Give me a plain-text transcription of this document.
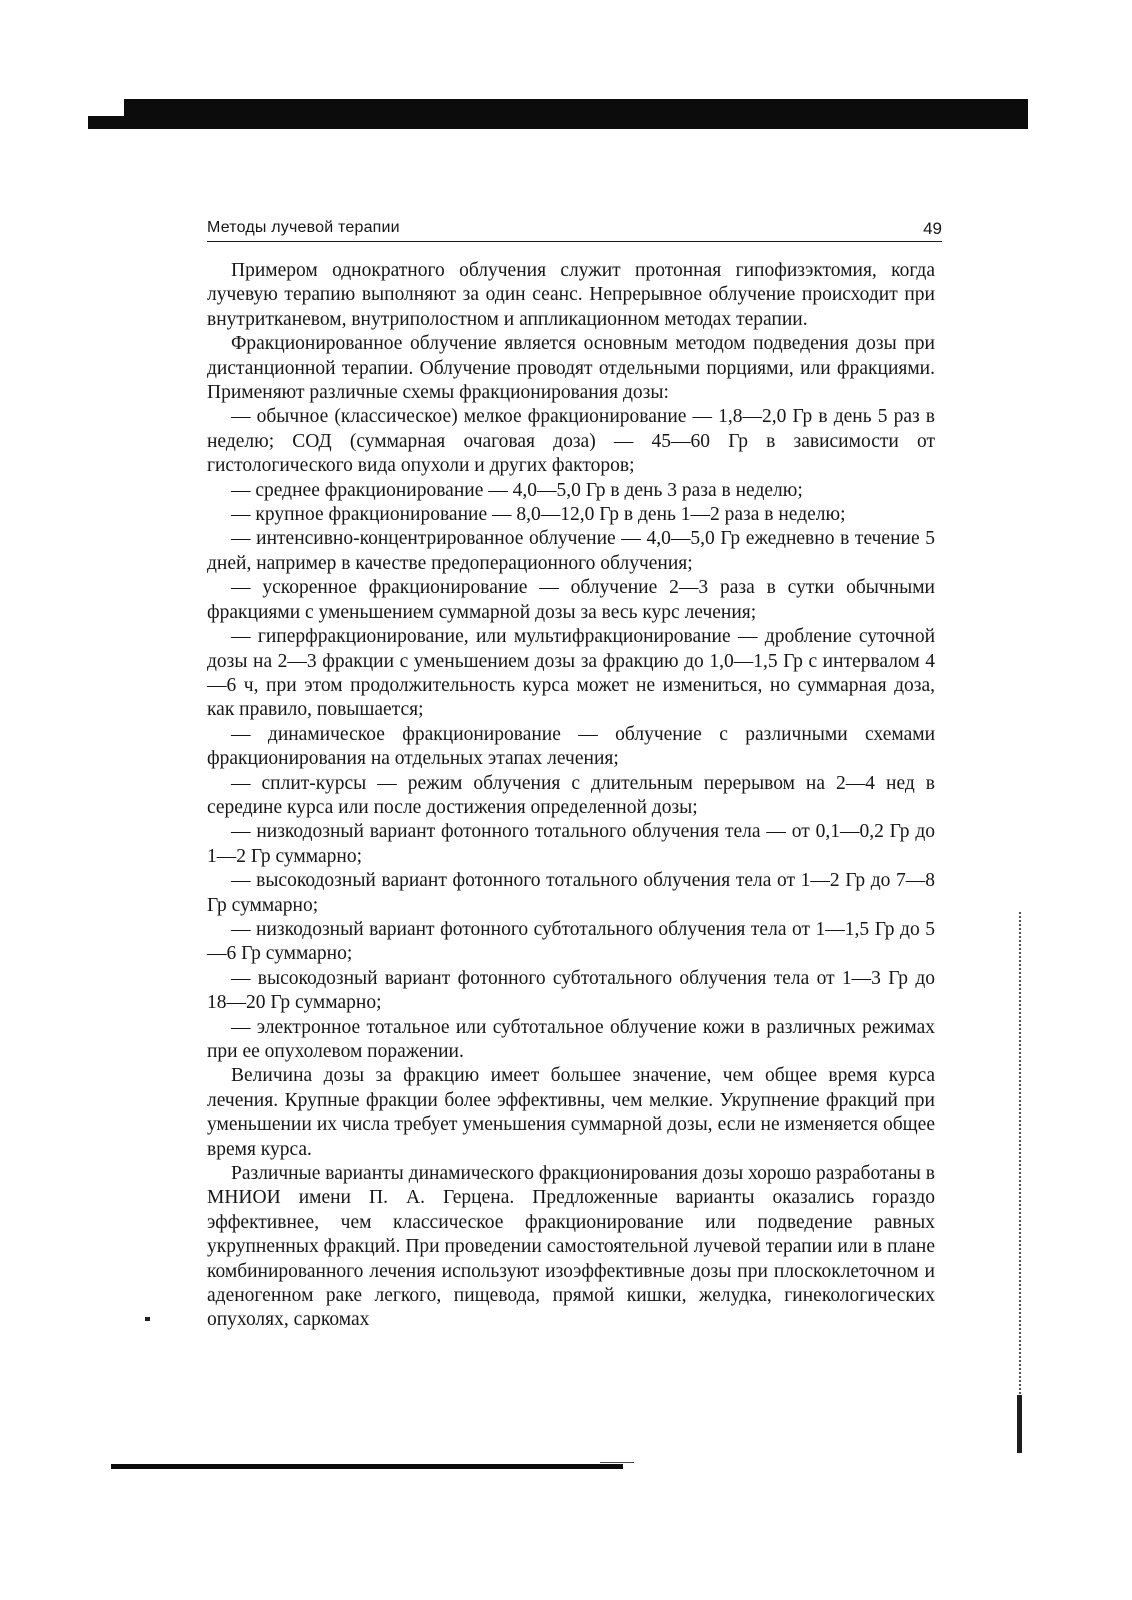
Методы лучевой терапии	49

Примером однократного облучения служит протонная гипофизэктомия, когда лучевую терапию выполняют за один сеанс. Непрерывное облучение происходит при внутритканевом, внутриполостном и аппликационном методах терапии.

Фракционированное облучение является основным методом подведения дозы при дистанционной терапии. Облучение проводят отдельными порциями, или фракциями. Применяют различные схемы фракционирования дозы:

— обычное (классическое) мелкое фракционирование — 1,8—2,0 Гр в день 5 раз в неделю; СОД (суммарная очаговая доза) — 45—60 Гр в зависимости от гистологического вида опухоли и других факторов;

— среднее фракционирование — 4,0—5,0 Гр в день 3 раза в неделю;

— крупное фракционирование — 8,0—12,0 Гр в день 1—2 раза в неделю;

— интенсивно-концентрированное облучение — 4,0—5,0 Гр ежедневно в течение 5 дней, например в качестве предоперационного облучения;

— ускоренное фракционирование — облучение 2—3 раза в сутки обычными фракциями с уменьшением суммарной дозы за весь курс лечения;

— гиперфракционирование, или мультифракционирование — дробление суточной дозы на 2—3 фракции с уменьшением дозы за фракцию до 1,0—1,5 Гр с интервалом 4—6 ч, при этом продолжительность курса может не измениться, но суммарная доза, как правило, повышается;

— динамическое фракционирование — облучение с различными схемами фракционирования на отдельных этапах лечения;

— сплит-курсы — режим облучения с длительным перерывом на 2—4 нед в середине курса или после достижения определенной дозы;

— низкодозный вариант фотонного тотального облучения тела — от 0,1—0,2 Гр до 1—2 Гр суммарно;

— высокодозный вариант фотонного тотального облучения тела от 1—2 Гр до 7—8 Гр суммарно;

— низкодозный вариант фотонного субтотального облучения тела от 1—1,5 Гр до 5—6 Гр суммарно;

— высокодозный вариант фотонного субтотального облучения тела от 1—3 Гр до 18—20 Гр суммарно;

— электронное тотальное или субтотальное облучение кожи в различных режимах при ее опухолевом поражении.

Величина дозы за фракцию имеет большее значение, чем общее время курса лечения. Крупные фракции более эффективны, чем мелкие. Укрупнение фракций при уменьшении их числа требует уменьшения суммарной дозы, если не изменяется общее время курса.

Различные варианты динамического фракционирования дозы хорошо разработаны в МНИОИ имени П. А. Герцена. Предложенные варианты оказались гораздо эффективнее, чем классическое фракционирование или подведение равных укрупненных фракций. При проведении самостоятельной лучевой терапии или в плане комбинированного лечения используют изоэффективные дозы при плоскоклеточном и аденогенном раке легкого, пищевода, прямой кишки, желудка, гинекологических опухолях, саркомах
